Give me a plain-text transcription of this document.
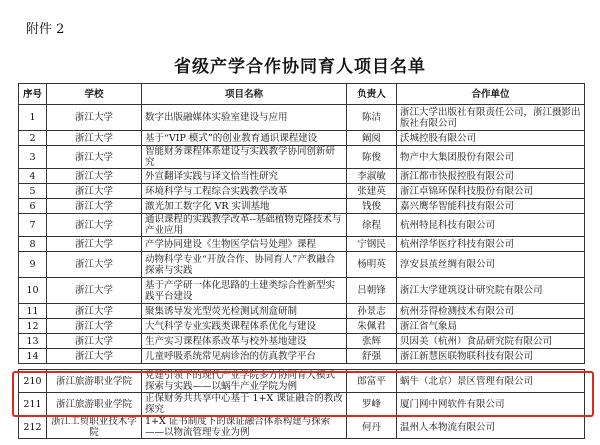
附件 2
省级产学合作协同育人项目名单
序号	学校	项目名称	负责人	合作单位
1	浙江大学	数字出版融媒体实验室建设与应用	陈洁	浙江大学出版社有限责任公司，浙江摄影出版社有限公司
2	浙江大学	基于“VIP 模式”的创业教育通识课程建设	阚阅	沃城控股有限公司
3	浙江大学	智能财务课程体系建设与实践教学协同创新研究	陈俊	物产中大集团股份有限公司
4	浙江大学	外宣翻译实践与译文恰当性研究	李淑敏	浙江都市快报控股有限公司
5	浙江大学	环境科学与工程综合实践教学改革	张建英	浙江卓锦环保科技股份有限公司
6	浙江大学	激光加工数字化 VR 实训基地	钱俊	嘉兴鹰华智能科技有限公司
7	浙江大学	通识课程的实践教学改革--基础植物克隆技术与产业应用	徐程	杭州特昆科技有限公司
8	浙江大学	产学协同建设《生物医学信号处理》课程	宁钢民	杭州浮华医疗科技有限公司
9	浙江大学	动物科学专业“开放合作、协同育人”产教融合探索与实践	杨明英	淳安县茧丝绸有限公司
10	浙江大学	基于产学研一体化思路的土建类综合性新型实践平台建设	吕朝锋	浙江大学建筑设计研究院有限公司
11	浙江大学	聚集诱导发光型荧光检测试剂盒研制	孙景志	杭州芬得检测技术有限公司
12	浙江大学	大气科学专业实践类课程体系优化与建设	朱佩君	浙江省气象局
13	浙江大学	生产实习课程体系改革与校外基地建设	张辉	贝因美（杭州）食品研究院有限公司
14	浙江大学	儿童呼吸系统常见病诊治的仿真教学平台	舒强	浙江新慧医联物联科技有限公司
210	浙江旅游职业学院	党建引领下的现代产业学院多方协同育人模式探索与实践——以蜗牛产业学院为例	郎富平	蜗牛（北京）景区管理有限公司
211	浙江旅游职业学院	正保财务共共享中心基于 1+X 课证融合的教改探究	罗峰	厦门网中网软件有限公司
212	浙江工贸职业技术学院	1+X 证书制度下的课证融合体系构建与探索——以物流管理专业为例	何丹	温州人本物流有限公司
